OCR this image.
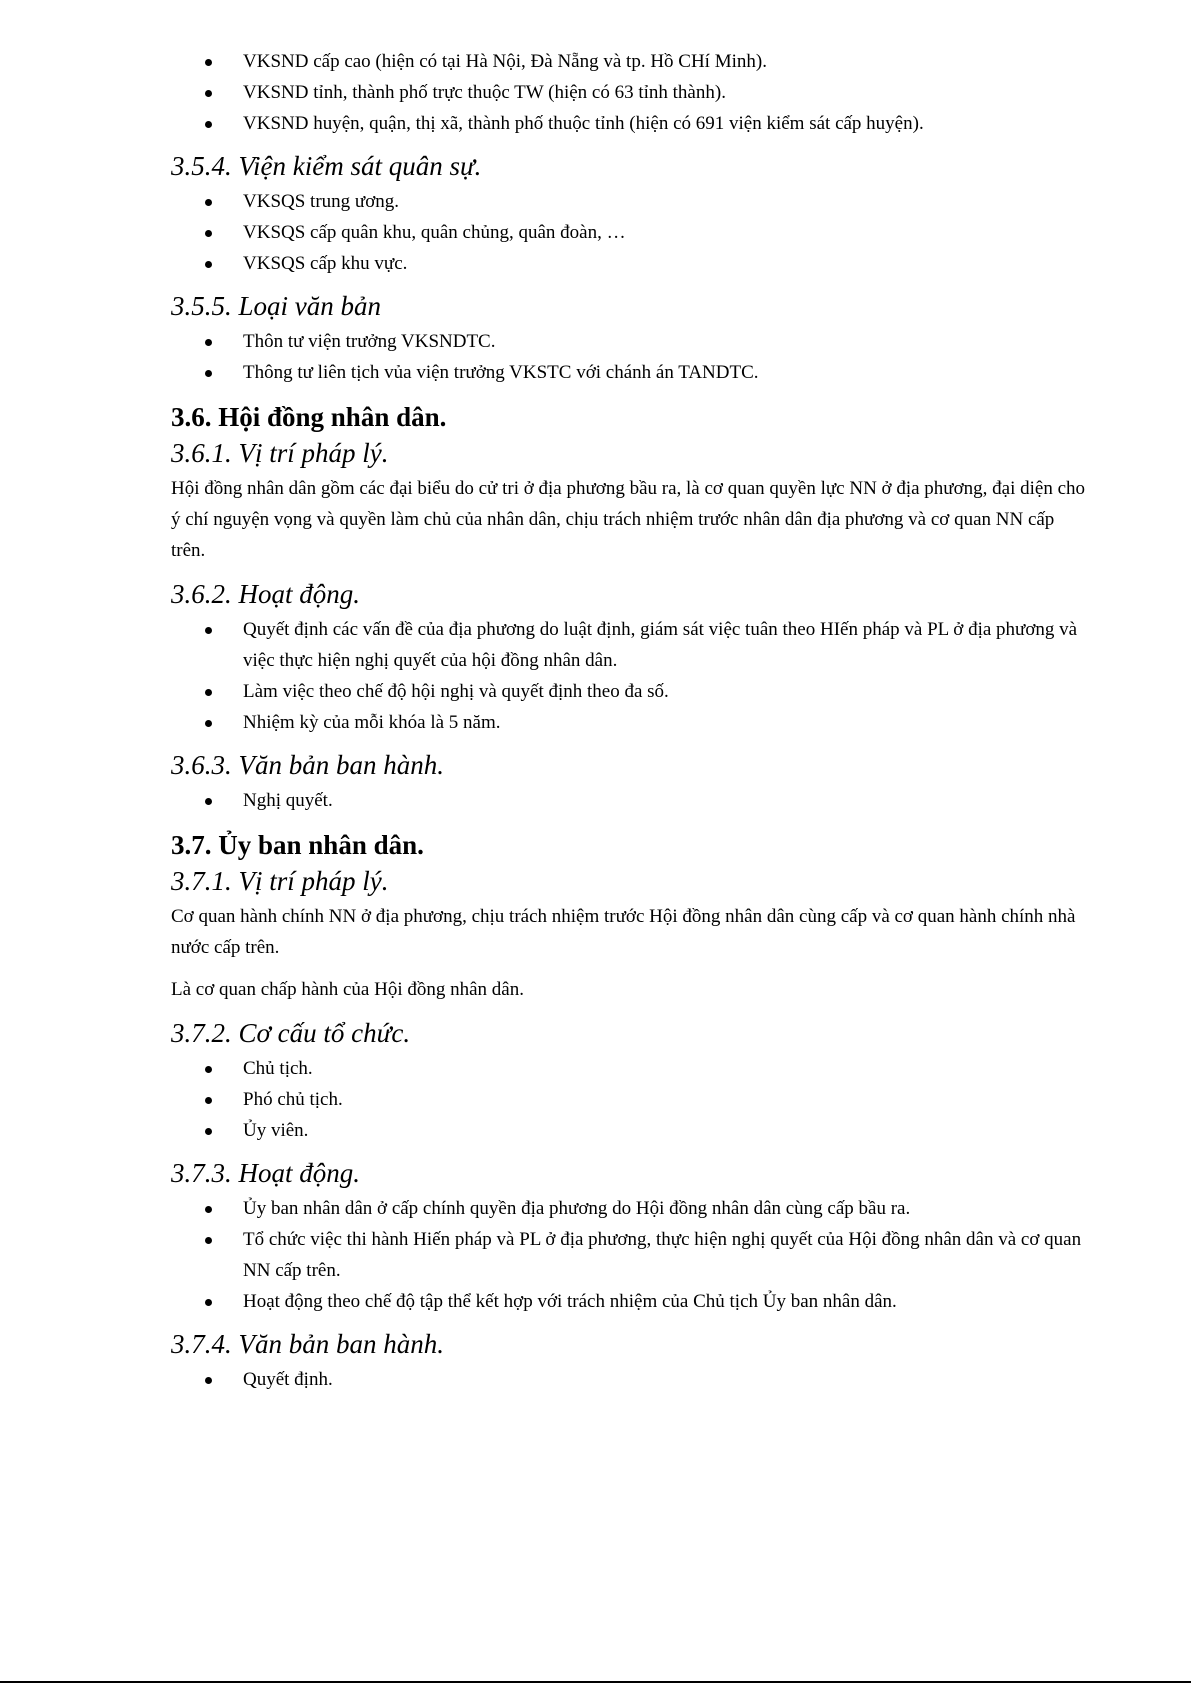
VKSND cấp cao (hiện có tại Hà Nội, Đà Nẵng và tp. Hồ CHí Minh).
VKSND tỉnh, thành phố trực thuộc TW (hiện có 63 tỉnh thành).
VKSND huyện, quận, thị xã, thành phố thuộc tỉnh (hiện có 691 viện kiểm sát cấp huyện).
3.5.4. Viện kiểm sát quân sự.
VKSQS trung ương.
VKSQS cấp quân khu, quân chủng, quân đoàn, …
VKSQS cấp khu vực.
3.5.5. Loại văn bản
Thôn tư viện trưởng VKSNDTC.
Thông tư liên tịch vủa viện trưởng VKSTC với chánh án TANDTC.
3.6. Hội đồng nhân dân.
3.6.1. Vị trí pháp lý.

Hội đồng nhân dân gồm các đại biểu do cử tri ở địa phương bầu ra, là cơ quan quyền lực NN ở địa phương, đại diện cho ý chí nguyện vọng và quyền làm chủ của nhân dân, chịu trách nhiệm trước nhân dân địa phương và cơ quan NN cấp trên.

3.6.2. Hoạt động.
Quyết định các vấn đề của địa phương do luật định, giám sát việc tuân theo HIến pháp và PL ở địa phương và việc thực hiện nghị quyết của hội đồng nhân dân.
Làm việc theo chế độ hội nghị và quyết định theo đa số.
Nhiệm kỳ của mỗi khóa là 5 năm.
3.6.3. Văn bản ban hành.
Nghị quyết.
3.7. Ủy ban nhân dân.
3.7.1. Vị trí pháp lý.

Cơ quan hành chính NN ở địa phương, chịu trách nhiệm trước Hội đồng nhân dân cùng cấp và cơ quan hành chính nhà nước cấp trên.

Là cơ quan chấp hành của Hội đồng nhân dân.

3.7.2. Cơ cấu tổ chức.
Chủ tịch.
Phó chủ tịch.
Ủy viên.
3.7.3. Hoạt động.
Ủy ban nhân dân ở cấp chính quyền địa phương do Hội đồng nhân dân cùng cấp bầu ra.
Tổ chức việc thi hành Hiến pháp và PL ở địa phương, thực hiện nghị quyết của Hội đồng nhân dân và cơ quan NN cấp trên.
Hoạt động theo chế độ tập thể kết hợp với trách nhiệm của Chủ tịch Ủy ban nhân dân.
3.7.4. Văn bản ban hành.
Quyết định.
